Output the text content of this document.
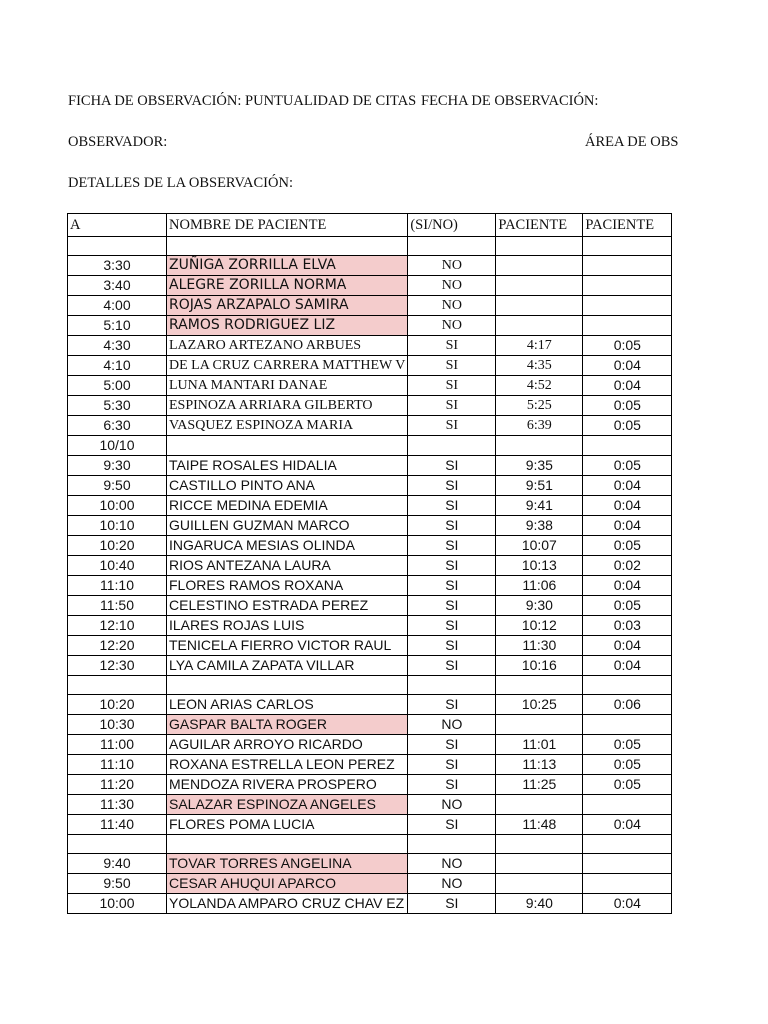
FICHA DE OBSERVACIÓN: PUNTUALIDAD DE CITAS FECHA DE OBSERVACIÓN:
OBSERVADOR:	ÁREA DE OBS
DETALLES DE LA OBSERVACIÓN:
A	NOMBRE DE PACIENTE	(SI/NO)	PACIENTE	PACIENTE

3:30	ZUÑIGA ZORRILLA ELVA	NO		
3:40	ALEGRE ZORILLA NORMA	NO		
4:00	ROJAS ARZAPALO SAMIRA	NO		
5:10	RAMOS RODRIGUEZ LIZ	NO		
4:30	LAZARO ARTEZANO ARBUES	SI	4:17	0:05
4:10	DE LA CRUZ CARRERA MATTHEW V	SI	4:35	0:04
5:00	LUNA MANTARI DANAE	SI	4:52	0:04
5:30	ESPINOZA ARRIARA GILBERTO	SI	5:25	0:05
6:30	VASQUEZ ESPINOZA MARIA	SI	6:39	0:05
10/10				
9:30	TAIPE ROSALES HIDALIA	SI	9:35	0:05
9:50	CASTILLO PINTO ANA	SI	9:51	0:04
10:00	RICCE MEDINA EDEMIA	SI	9:41	0:04
10:10	GUILLEN GUZMAN MARCO	SI	9:38	0:04
10:20	INGARUCA MESIAS OLINDA	SI	10:07	0:05
10:40	RIOS ANTEZANA LAURA	SI	10:13	0:02
11:10	FLORES RAMOS ROXANA	SI	11:06	0:04
11:50	CELESTINO ESTRADA PEREZ	SI	9:30	0:05
12:10	ILARES ROJAS LUIS	SI	10:12	0:03
12:20	TENICELA FIERRO VICTOR RAUL	SI	11:30	0:04
12:30	LYA CAMILA ZAPATA VILLAR	SI	10:16	0:04

10:20	LEON ARIAS CARLOS	SI	10:25	0:06
10:30	GASPAR BALTA ROGER	NO		
11:00	AGUILAR ARROYO RICARDO	SI	11:01	0:05
11:10	ROXANA ESTRELLA LEON PEREZ	SI	11:13	0:05
11:20	MENDOZA RIVERA PROSPERO	SI	11:25	0:05
11:30	SALAZAR ESPINOZA ANGELES	NO		
11:40	FLORES POMA LUCIA	SI	11:48	0:04

9:40	TOVAR TORRES ANGELINA	NO		
9:50	CESAR AHUQUI APARCO	NO		
10:00	YOLANDA AMPARO CRUZ CHAV EZ	SI	9:40	0:04
